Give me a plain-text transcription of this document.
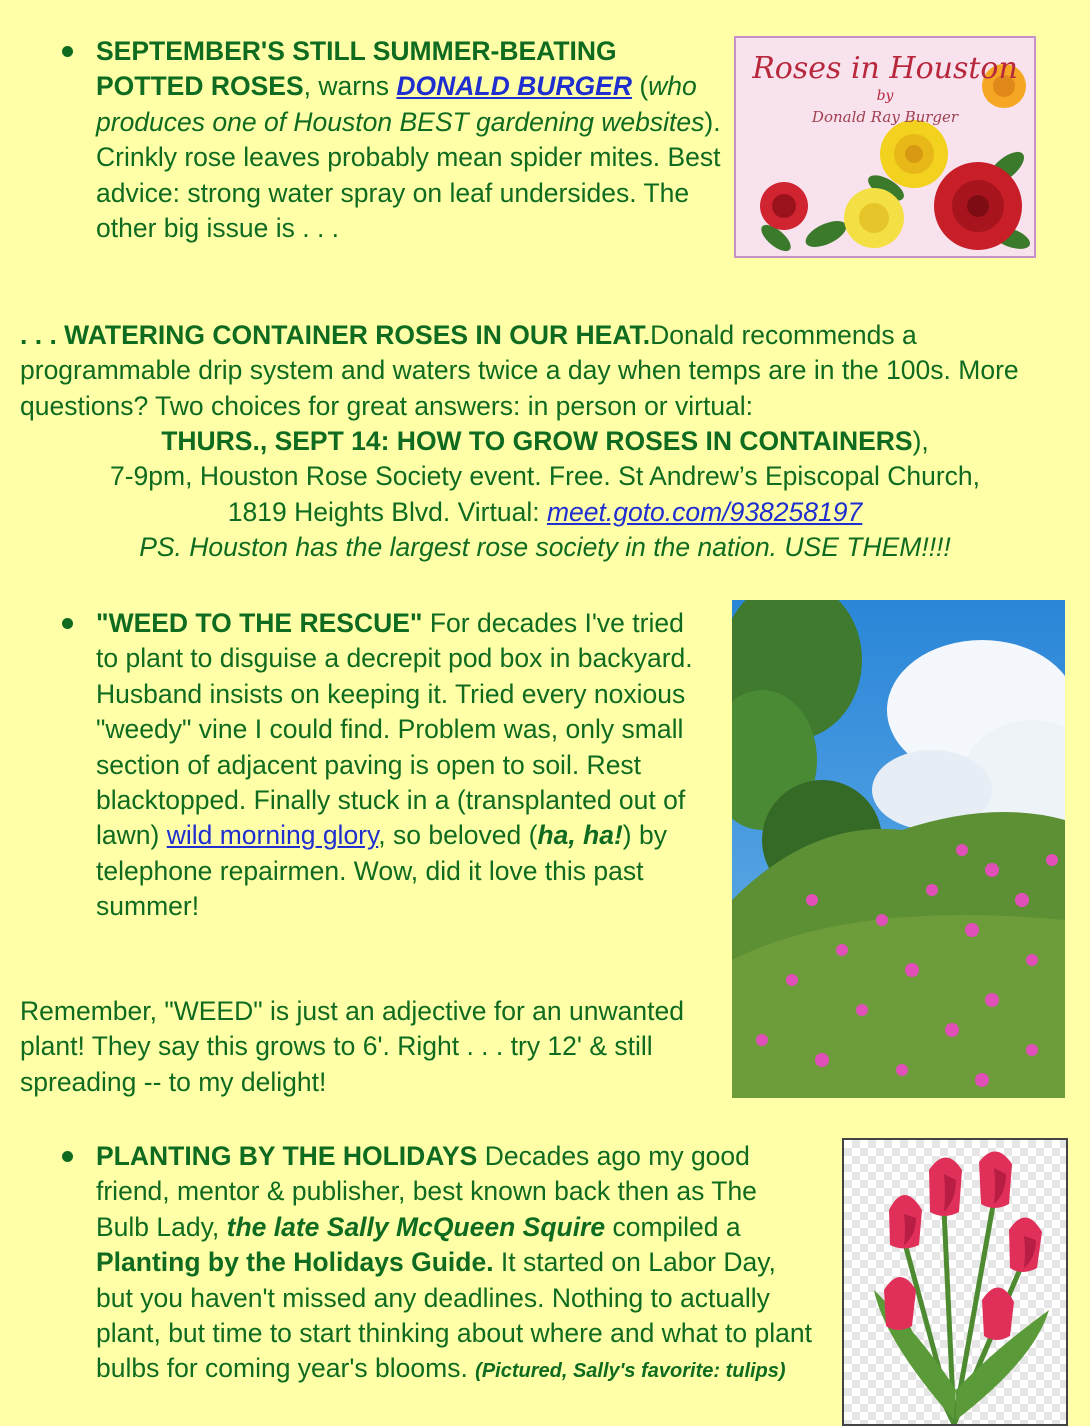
SEPTEMBER'S STILL SUMMER-BEATING POTTED ROSES, warns DONALD BURGER (who produces one of Houston BEST gardening websites). Crinkly rose leaves probably mean spider mites. Best advice: strong water spray on leaf undersides. The other big issue is . . .

Roses in Houston
by
Donald Ray Burger

. . . WATERING CONTAINER ROSES IN OUR HEAT.Donald recommends a programmable drip system and waters twice a day when temps are in the 100s. More questions? Two choices for great answers: in person or virtual:

THURS., SEPT 14: HOW TO GROW ROSES IN CONTAINERS),
7-9pm, Houston Rose Society event. Free. St Andrew’s Episcopal Church,
1819 Heights Blvd. Virtual: meet.goto.com/938258197
PS. Houston has the largest rose society in the nation. USE THEM!!!!

"WEED TO THE RESCUE" For decades I've tried to plant to disguise a decrepit pod box in backyard. Husband insists on keeping it. Tried every noxious "weedy" vine I could find. Problem was, only small section of adjacent paving is open to soil. Rest blacktopped. Finally stuck in a (transplanted out of lawn) wild morning glory, so beloved (ha, ha!) by telephone repairmen. Wow, did it love this past summer!

Remember, "WEED" is just an adjective for an unwanted plant! They say this grows to 6'. Right . . . try 12' & still spreading -- to my delight!

PLANTING BY THE HOLIDAYS Decades ago my good friend, mentor & publisher, best known back then as The Bulb Lady, the late Sally McQueen Squire compiled a Planting by the Holidays Guide. It started on Labor Day, but you haven't missed any deadlines. Nothing to actually plant, but time to start thinking about where and what to plant bulbs for coming year's blooms. (Pictured, Sally's favorite: tulips)
